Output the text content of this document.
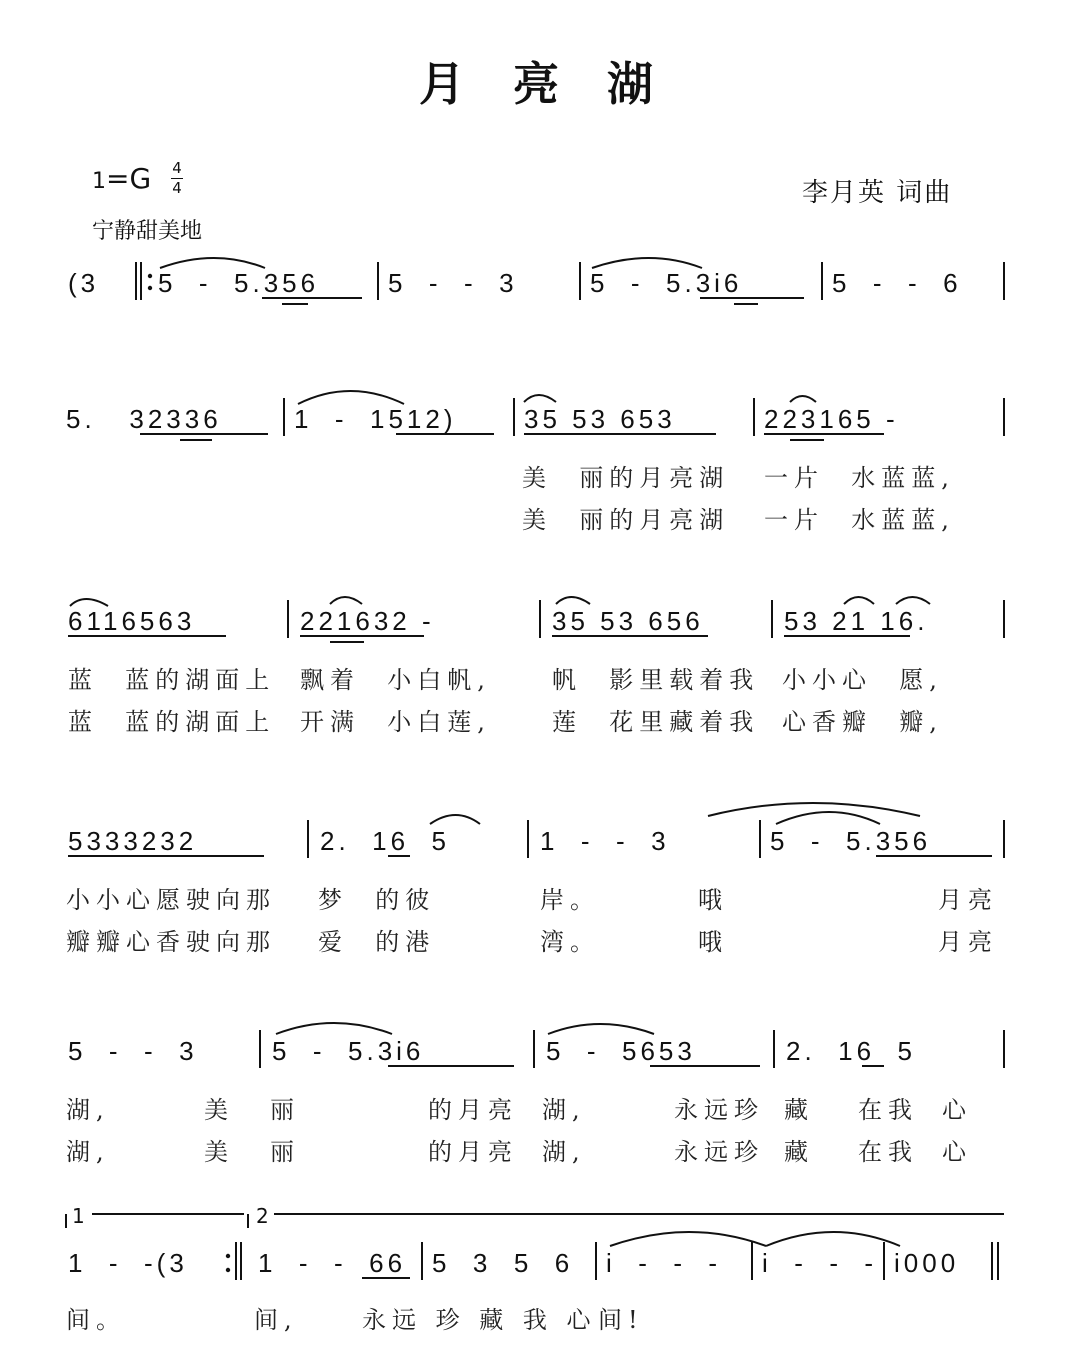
月亮湖
1=G 4
4
宁静甜美地
李月英 词曲
(3 5  -  5.356	5  -  -  3	5  -  5.3i6	5  -  -  6
5.   32336	1  -  1512)	35 53 653	223165 -
美  丽的月亮湖 一片  水蓝蓝,
美  丽的月亮湖 一片  水蓝蓝,
6116563	221632 -	35 53 656	53 21 16.
蓝  蓝的湖面上 飘着  小白帆,	帆  影里载着我 小小心  愿,
蓝  蓝的湖面上 开满  小白莲,	莲  花里藏着我 心香瓣  瓣,
5333232	2.  16  5	1  -  -  3	5  -  5.356
小小心愿驶向那 梦  的彼	岸。	哦	月亮
瓣瓣心香驶向那 爱  的港	湾。	哦	月亮
5  -  -  3	5  -  5.3i6	5  -  5653	2.  16  5
湖,	美 丽	的月亮 湖,	永远珍 藏 在我 心
湖,	美 丽	的月亮 湖,	永远珍 藏 在我 心
1	2
1  -  -(3	1  -  -  66 5  3  5  6 i  -  -  - i  -  -  - i000
间。	间,	永远 珍 藏 我 心 间!
